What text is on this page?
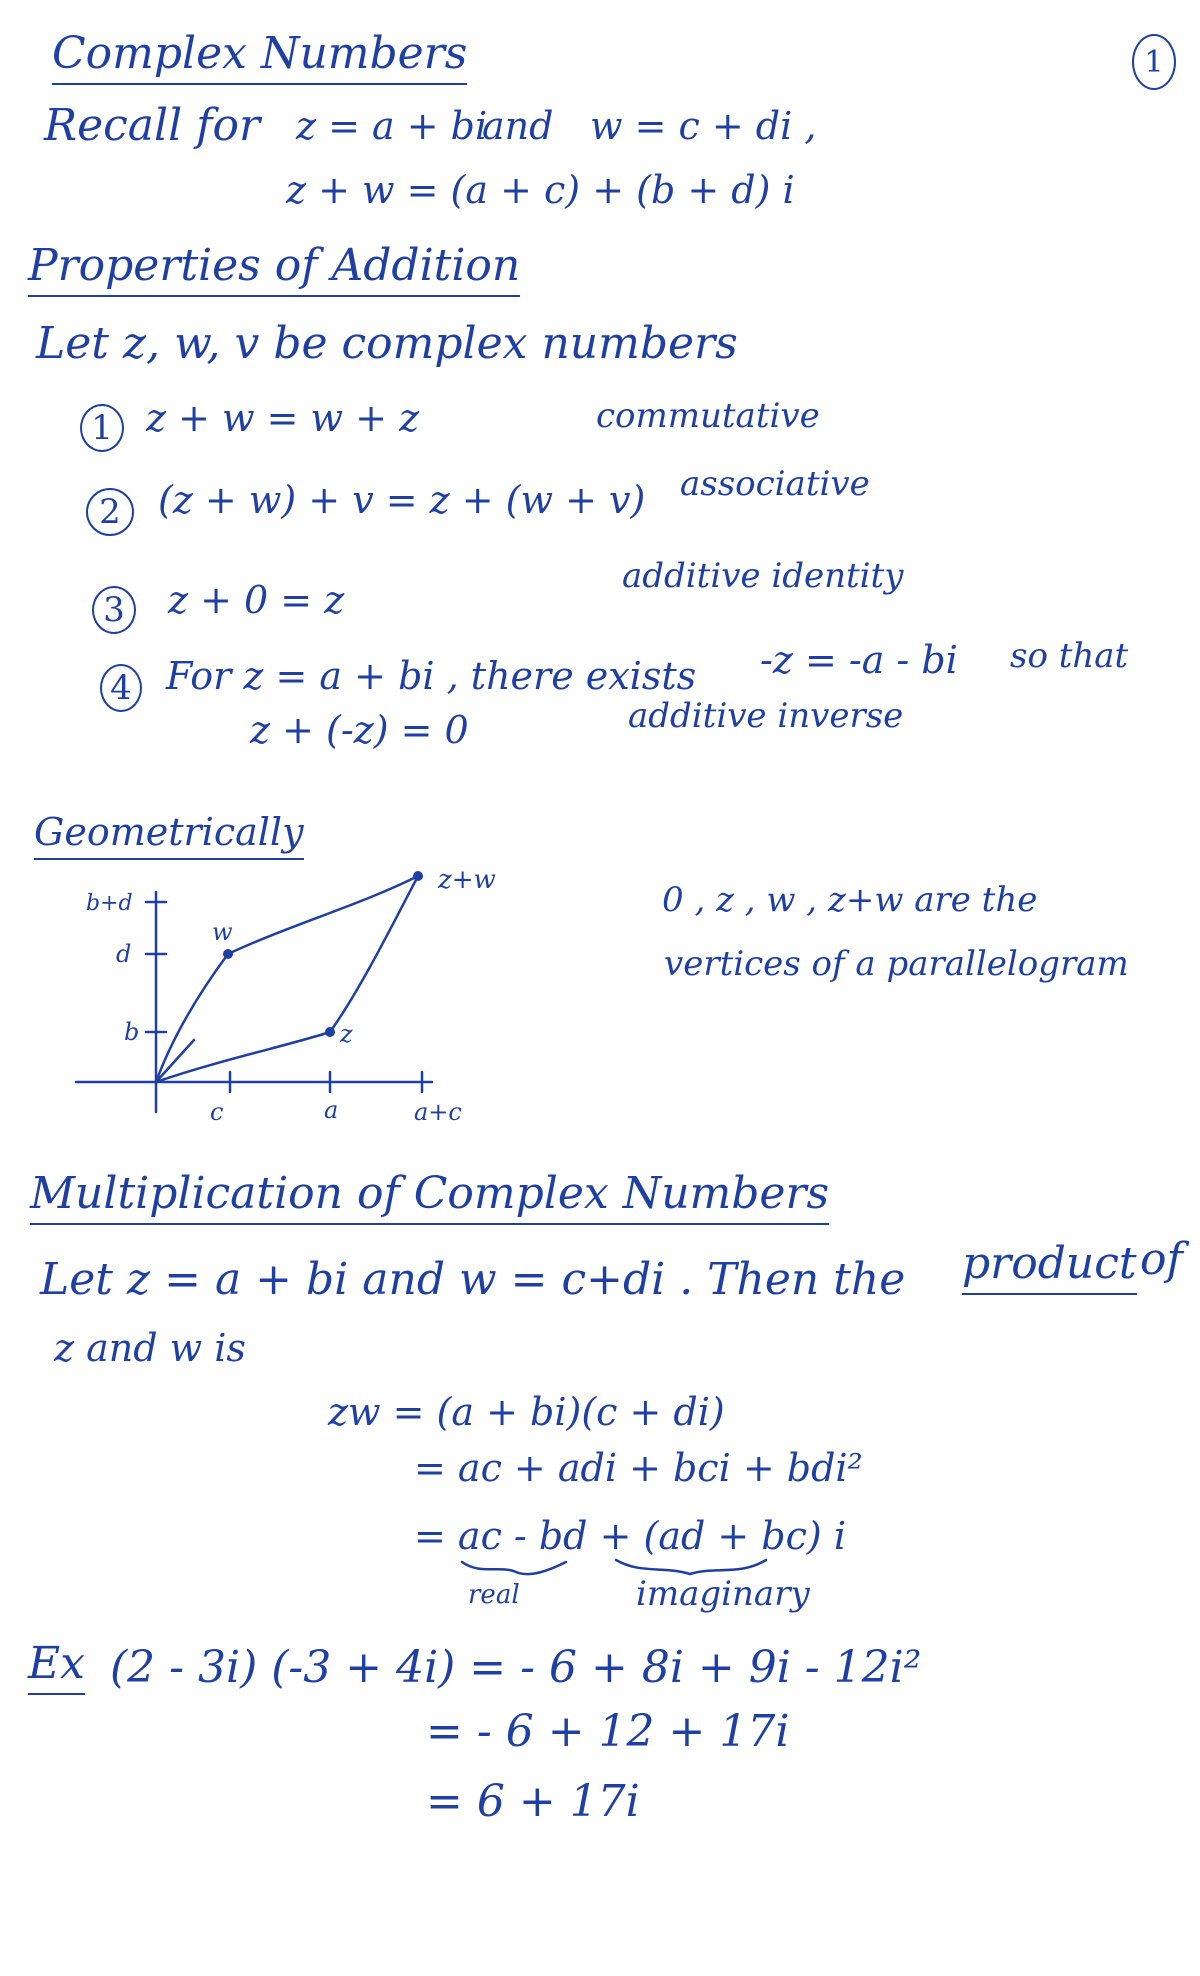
1
Complex Numbers
Recall for z = a + bi
and w = c + di ,
z + w = (a + c) + (b + d) i
Properties of Addition
Let z, w, v be complex numbers
1 z + w = w + z	commutative
2 (z + w) + v = z + (w + v) associative
3 z + 0 = z
additive identity
4 For z = a + bi , there exists -z = -a - bi so that
z + (-z) = 0	additive inverse
Geometrically
b+d
d
b
c	a	a+c
w
z
z+w	0 , z , w , z+w are the
vertices of a parallelogram
Multiplication of Complex Numbers
Let z = a + bi and w = c+di . Then the product of
z and w is
zw = (a + bi)(c + di)
= ac + adi + bci + bdi²
= ac - bd + (ad + bc) i
real	imaginary
Ex (2 - 3i) (-3 + 4i) = - 6 + 8i + 9i - 12i²
= - 6 + 12 + 17i
= 6 + 17i
